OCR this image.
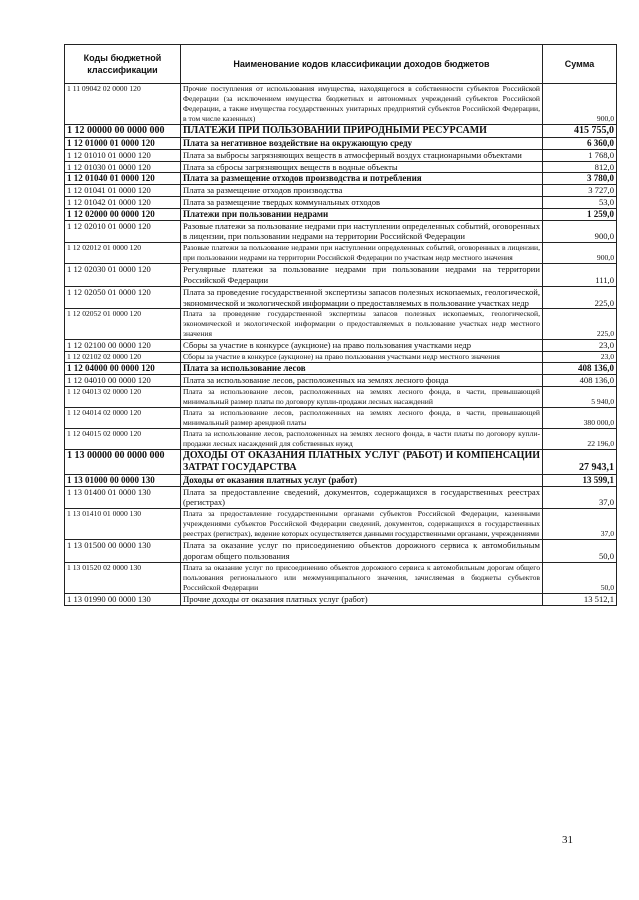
Коды бюджетной классификации	Наименование кодов классификации доходов бюджетов	Сумма
1 11 09042 02 0000 120	Прочие поступления от использования имущества, находящегося в собственности субъектов Российской Федерации (за исключением имущества бюджетных и автономных учреждений субъектов Российской Федерации, а также имущества государственных унитарных предприятий субъектов Российской Федерации, в том числе казенных)	900,0
1 12 00000 00 0000 000	ПЛАТЕЖИ ПРИ ПОЛЬЗОВАНИИ ПРИРОДНЫМИ РЕСУРСАМИ	415 755,0
1 12 01000 01 0000 120	Плата за негативное воздействие на окружающую среду	6 360,0
1 12 01010 01 0000 120	Плата за выбросы загрязняющих веществ в атмосферный воздух стационарными объектами	1 768,0
1 12 01030 01 0000 120	Плата за сбросы загрязняющих веществ в водные объекты	812,0
1 12 01040 01 0000 120	Плата за размещение отходов производства и потребления	3 780,0
1 12 01041 01 0000 120	Плата за размещение отходов производства	3 727,0
1 12 01042 01 0000 120	Плата за размещение твердых коммунальных отходов	53,0
1 12 02000 00 0000 120	Платежи при пользовании недрами	1 259,0
1 12 02010 01 0000 120	Разовые платежи за пользование недрами при наступлении определенных событий, оговоренных в лицензии, при пользовании недрами на территории Российской Федерации	900,0
1 12 02012 01 0000 120	Разовые платежи за пользование недрами при наступлении определенных событий, оговоренных в лицензии, при пользовании недрами на территории Российской Федерации по участкам недр местного значения	900,0
1 12 02030 01 0000 120	Регулярные платежи за пользование недрами при пользовании недрами на территории Российской Федерации	111,0
1 12 02050 01 0000 120	Плата за проведение государственной экспертизы запасов полезных ископаемых, геологической, экономической и экологической информации о предоставляемых в пользование участках недр	225,0
1 12 02052 01 0000 120	Плата за проведение государственной экспертизы запасов полезных ископаемых, геологической, экономической и экологической информации о предоставляемых в пользование участках недр местного значения	225,0
1 12 02100 00 0000 120	Сборы за участие в конкурсе (аукционе) на право пользования участками недр	23,0
1 12 02102 02 0000 120	Сборы за участие в конкурсе (аукционе) на право пользования участками недр местного значения	23,0
1 12 04000 00 0000 120	Плата за использование лесов	408 136,0
1 12 04010 00 0000 120	Плата за использование лесов, расположенных на землях лесного фонда	408 136,0
1 12 04013 02 0000 120	Плата за использование лесов, расположенных на землях лесного фонда, в части, превышающей минимальный размер платы по договору купли-продажи лесных насаждений	5 940,0
1 12 04014 02 0000 120	Плата за использование лесов, расположенных на землях лесного фонда, в части, превышающей минимальный размер арендной платы	380 000,0
1 12 04015 02 0000 120	Плата за использование лесов, расположенных на землях лесного фонда, в части платы по договору купли-продажи лесных насаждений для собственных нужд	22 196,0
1 13 00000 00 0000 000	ДОХОДЫ ОТ ОКАЗАНИЯ ПЛАТНЫХ УСЛУГ (РАБОТ) И КОМПЕНСАЦИИ ЗАТРАТ ГОСУДАРСТВА	27 943,1
1 13 01000 00 0000 130	Доходы от оказания платных услуг (работ)	13 599,1
1 13 01400 01 0000 130	Плата за предоставление сведений, документов, содержащихся в государственных реестрах (регистрах)	37,0
1 13 01410 01 0000 130	Плата за предоставление государственными органами субъектов Российской Федерации, казенными учреждениями субъектов Российской Федерации сведений, документов, содержащихся в государственных реестрах (регистрах), ведение которых осуществляется данными государственными органами, учреждениями	37,0
1 13 01500 00 0000 130	Плата за оказание услуг по присоединению объектов дорожного сервиса к автомобильным дорогам общего пользования	50,0
1 13 01520 02 0000 130	Плата за оказание услуг по присоединению объектов дорожного сервиса к автомобильным дорогам общего пользования регионального или межмуниципального значения, зачисляемая в бюджеты субъектов Российской Федерации	50,0
1 13 01990 00 0000 130	Прочие доходы от оказания платных услуг (работ)	13 512,1
31
